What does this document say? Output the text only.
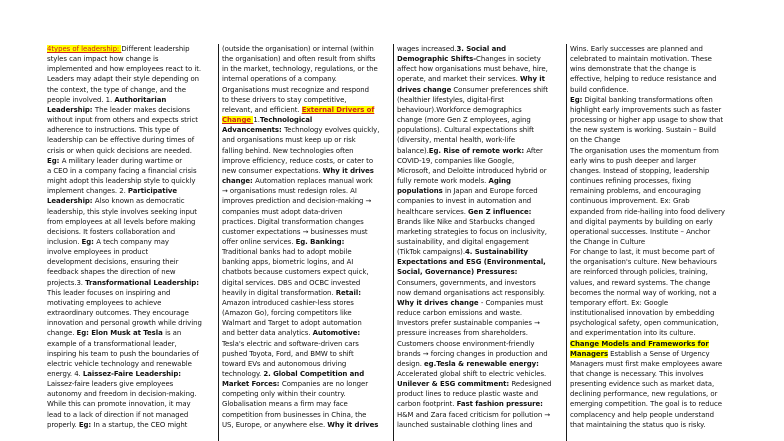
4types of leadership: Different leadership
styles can impact how change is
implemented and how employees react to it.
Leaders may adapt their style depending on
the context, the type of change, and the
people involved. 1. Authoritarian
Leadership: The leader makes decisions
without input from others and expects strict
adherence to instructions. This type of
leadership can be effective during times of
crisis or when quick decisions are needed.
Eg: A military leader during wartime or
a CEO in a company facing a financial crisis
might adopt this leadership style to quickly
implement changes. 2. Participative
Leadership: Also known as democratic
leadership, this style involves seeking input
from employees at all levels before making
decisions. It fosters collaboration and
inclusion. Eg: A tech company may
involve employees in product
development decisions, ensuring their
feedback shapes the direction of new
projects.3. Transformational Leadership:
This leader focuses on inspiring and
motivating employees to achieve
extraordinary outcomes. They encourage
innovation and personal growth while driving
change. Eg: Elon Musk at Tesla is an
example of a transformational leader,
inspiring his team to push the boundaries of
electric vehicle technology and renewable
energy. 4. Laissez-Faire Leadership:
Laissez-faire leaders give employees
autonomy and freedom in decision-making.
While this can promote innovation, it may
lead to a lack of direction if not managed
properly. Eg: In a startup, the CEO might
(outside the organisation) or internal (within
the organisation) and often result from shifts
in the market, technology, regulations, or the
internal operations of a company.
Organisations must recognize and respond
to these drivers to stay competitive,
relevant, and efficient. External Drivers of
Change 1.Technological
Advancements: Technology evolves quickly,
and organisations must keep up or risk
falling behind. New technologies often
improve efficiency, reduce costs, or cater to
new consumer expectations. Why it drives
change: Automation replaces manual work
→ organisations must redesign roles. AI
improves prediction and decision-making →
companies must adopt data-driven
practices. Digital transformation changes
customer expectations → businesses must
offer online services. Eg. Banking:
Traditional banks had to adopt mobile
banking apps, biometric logins, and AI
chatbots because customers expect quick,
digital services. DBS and OCBC invested
heavily in digital transformation. Retail:
Amazon introduced cashier-less stores
(Amazon Go), forcing competitors like
Walmart and Target to adopt automation
and better data analytics. Automotive:
Tesla's electric and software-driven cars
pushed Toyota, Ford, and BMW to shift
toward EVs and autonomous driving
technology. 2. Global Competition and
Market Forces: Companies are no longer
competing only within their country.
Globalisation means a firm may face
competition from businesses in China, the
US, Europe, or anywhere else. Why it drives
wages increased.3. Social and
Demographic Shifts-Changes in society
affect how organisations must behave, hire,
operate, and market their services. Why it
drives change Consumer preferences shift
(healthier lifestyles, digital-first
behaviour).Workforce demographics
change (more Gen Z employees, aging
populations). Cultural expectations shift
(diversity, mental health, work-life
balance).Eg. Rise of remote work: After
COVID-19, companies like Google,
Microsoft, and Deloitte introduced hybrid or
fully remote work models. Aging
populations in Japan and Europe forced
companies to invest in automation and
healthcare services. Gen Z influence:
Brands like Nike and Starbucks changed
marketing strategies to focus on inclusivity,
sustainability, and digital engagement
(TikTok campaigns).4. Sustainability
Expectations and ESG (Environmental,
Social, Governance) Pressures:
Consumers, governments, and investors
now demand organisations act responsibly.
Why it drives change - Companies must
reduce carbon emissions and waste.
Investors prefer sustainable companies →
pressure increases from shareholders.
Customers choose environment-friendly
brands → forcing changes in production and
design. eg.Tesla & renewable energy:
Accelerated global shift to electric vehicles.
Unilever & ESG commitment: Redesigned
product lines to reduce plastic waste and
carbon footprint. Fast fashion pressure:
H&M and Zara faced criticism for pollution →
launched sustainable clothing lines and
Wins. Early successes are planned and
celebrated to maintain motivation. These
wins demonstrate that the change is
effective, helping to reduce resistance and
build confidence.
Eg: Digital banking transformations often
highlight early improvements such as faster
processing or higher app usage to show that
the new system is working. Sustain – Build
on the Change
The organisation uses the momentum from
early wins to push deeper and larger
changes. Instead of stopping, leadership
continues refining processes, fixing
remaining problems, and encouraging
continuous improvement. Ex: Grab
expanded from ride-hailing into food delivery
and digital payments by building on early
operational successes. Institute – Anchor
the Change in Culture
For change to last, it must become part of
the organisation's culture. New behaviours
are reinforced through policies, training,
values, and reward systems. The change
becomes the normal way of working, not a
temporary effort. Ex: Google
institutionalised innovation by embedding
psychological safety, open communication,
and experimentation into its culture.
Change Models and Frameworks for
Managers Establish a Sense of Urgency
Managers must first make employees aware
that change is necessary. This involves
presenting evidence such as market data,
declining performance, new regulations, or
emerging competition. The goal is to reduce
complacency and help people understand
that maintaining the status quo is risky.
